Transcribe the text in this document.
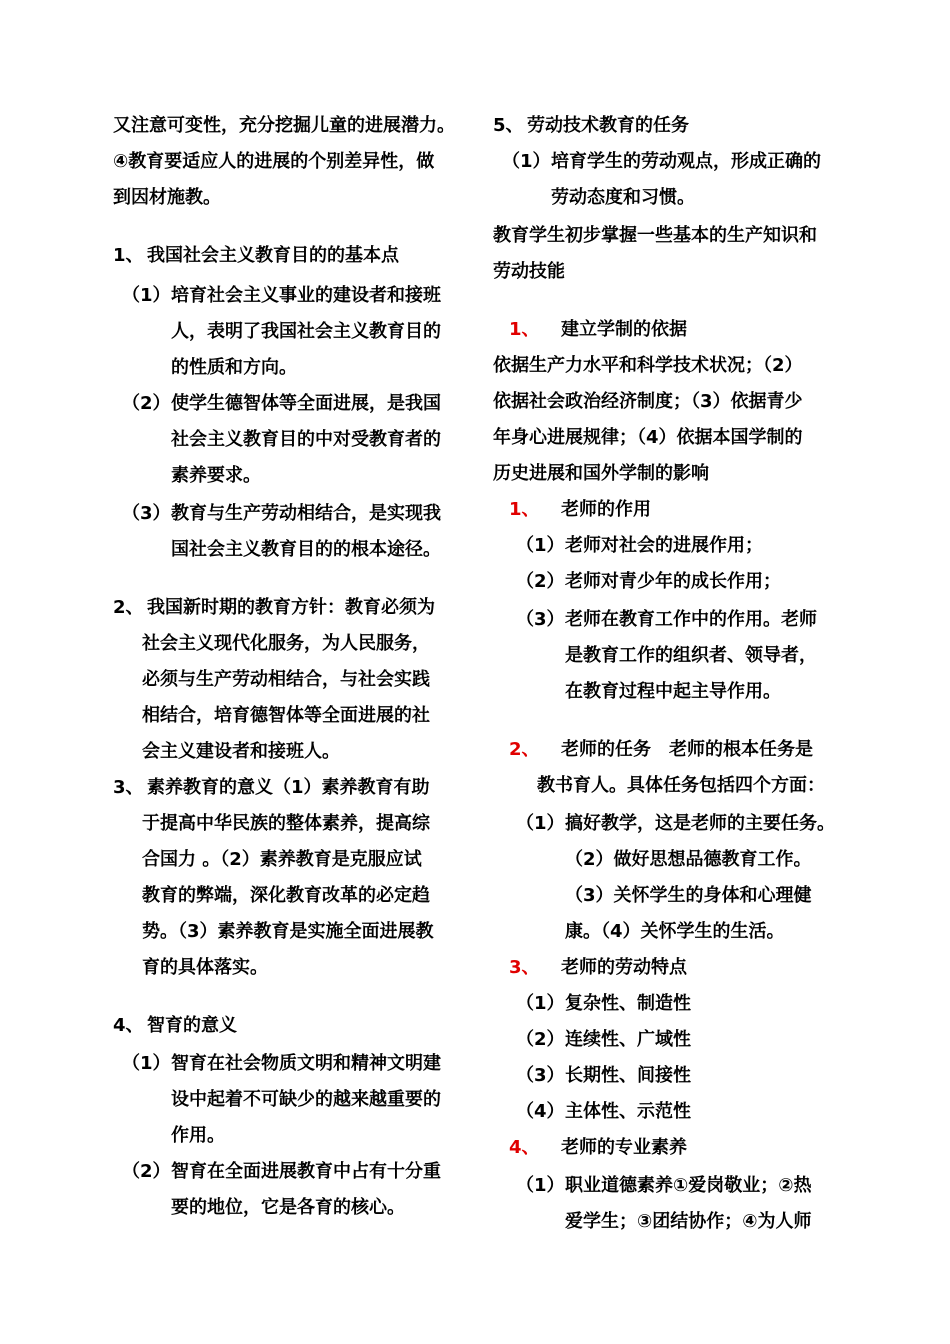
又注意可变性，充分挖掘儿童的进展潜力。
④教育要适应人的进展的个别差异性，做
到因材施教。
1、 我国社会主义教育目的的基本点
（1） 培育社会主义事业的建设者和接班
人，表明了我国社会主义教育目的
的性质和方向。
（2） 使学生德智体等全面进展，是我国
社会主义教育目的中对受教育者的
素养要求。
（3） 教育与生产劳动相结合，是实现我
国社会主义教育目的的根本途径。
2、 我国新时期的教育方针：教育必须为
社会主义现代化服务，为人民服务，
必须与生产劳动相结合，与社会实践
相结合，培育德智体等全面进展的社
会主义建设者和接班人。
3、 素养教育的意义（1）素养教育有助
于提高中华民族的整体素养，提高综
合国力 。（2）素养教育是克服应试
教育的弊端，深化教育改革的必定趋
势。（3）素养教育是实施全面进展教
育的具体落实。
4、 智育的意义
（1） 智育在社会物质文明和精神文明建
设中起着不可缺少的越来越重要的
作用。
（2） 智育在全面进展教育中占有十分重
要的地位，它是各育的核心。
5、 劳动技术教育的任务
（1） 培育学生的劳动观点，形成正确的
劳动态度和习惯。
教育学生初步掌握一些基本的生产知识和
劳动技能
1、 建立学制的依据
依据生产力水平和科学技术状况；（2）
依据社会政治经济制度；（3）依据青少
年身心进展规律；（4）依据本国学制的
历史进展和国外学制的影响
1、 老师的作用
（1） 老师对社会的进展作用；
（2） 老师对青少年的成长作用；
（3） 老师在教育工作中的作用。老师
是教育工作的组织者、领导者，
在教育过程中起主导作用。
2、 老师的任务　老师的根本任务是
教书育人。具体任务包括四个方面：
（1） 搞好教学，这是老师的主要任务。
（2）做好思想品德教育工作。
（3）关怀学生的身体和心理健
康。（4）关怀学生的生活。
3、 老师的劳动特点
（1） 复杂性、制造性
（2） 连续性、广域性
（3） 长期性、间接性
（4） 主体性、示范性
4、 老师的专业素养
（1） 职业道德素养①爱岗敬业；②热
爱学生；③团结协作；④为人师
